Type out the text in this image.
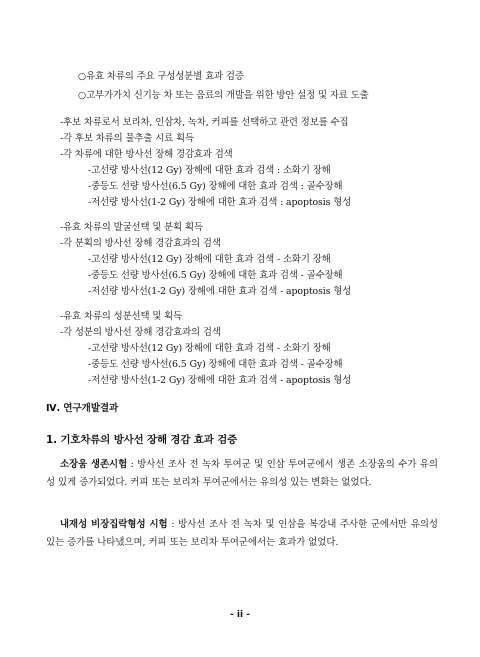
○유효 차류의 주요 구성성분별 효과 검증
○고부가가치 신기능 차 또는 음료의 개발을 위한 방안 설정 및 자료 도출
-후보 차류로서 보리차, 인삼차, 녹차, 커피를 선택하고 관련 정보를 수집
-각 후보 차류의 물추출 시료 획득
-각 차류에 대한 방사선 장해 경감효과 검색
-고선량 방사선(12 Gy) 장해에 대한 효과 검색 : 소화기 장해
-중등도 선량 방사선(6.5 Gy) 장해에 대한 효과 검색 : 골수장해
-저선량 방사선(1-2 Gy) 장해에 대한 효과 검색 : apoptosis 형성
-유효 차류의 발굴선택 및 분획 획득
-각 분획의 방사선 장해 경감효과의 검색
-고선량 방사선(12 Gy) 장해에 대한 효과 검색 - 소화기 장해
-중등도 선량 방사선(6.5 Gy) 장해에 대한 효과 검색 - 골수장해
-저선량 방사선(1-2 Gy) 장해에 대한 효과 검색 - apoptosis 형성
-유효 차류의 성분선택 및 획득
-각 성분의 방사선 장해 경감효과의 검색
-고선량 방사선(12 Gy) 장해에 대한 효과 검색 - 소화기 장해
-중등도 선량 방사선(6.5 Gy) 장해에 대한 효과 검색 - 골수장해
-저선량 방사선(1-2 Gy) 장해에 대한 효과 검색 - apoptosis 형성
Ⅳ. 연구개발결과
1. 기호차류의 방사선 장해 경감 효과 검증
소장움 생존시험 : 방사선 조사 전 녹차 투여군 및 인삼 투여군에서 생존 소장움의 수가 유의성 있게 증가되었다. 커피 또는 보리차 투여군에서는 유의성 있는 변화는 없었다.
내재성 비장집락형성 시험 : 방사선 조사 전 녹차 및 인삼을 복강내 주사한 군에서만 유의성 있는 증가를 나타냈으며, 커피 또는 보리차 투여군에서는 효과가 없었다.
- ii -
